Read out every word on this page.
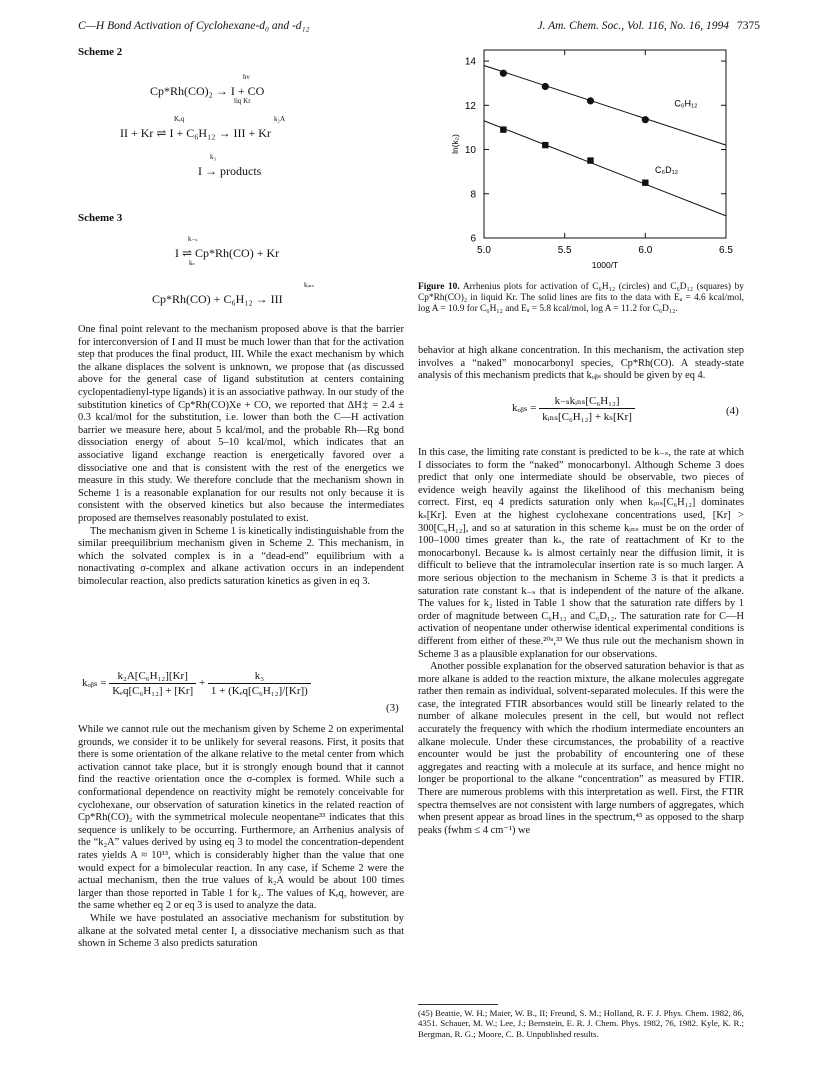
C—H Bond Activation of Cyclohexane-d₀ and -d₁₂	J. Am. Chem. Soc., Vol. 116, No. 16, 1994 7375
Scheme 2
Cp*Rh(CO)₂ → I + CO
hν
liq Kr
II + Kr ⇌ I + C₆H₁₂ → III + Kr
Kₑq	k₂A
I → products
k₃
Scheme 3
I ⇌ Cp*Rh(CO) + Kr
k₋ₛ
kₛ
Cp*Rh(CO) + C₆H₁₂ → III
kᵢₙₛ

One final point relevant to the mechanism proposed above is that the barrier for interconversion of I and II must be much lower than that for the activation step that produces the final product, III. While the exact mechanism by which the alkane displaces the solvent is unknown, we propose that (as discussed above for the general case of ligand substitution at centers containing cyclopentadienyl-type ligands) it is an associative pathway. In our study of the substitution kinetics of Cp*Rh(CO)Xe + CO, we reported that ΔH‡ = 2.4 ± 0.3 kcal/mol for the substitution, i.e. lower than both the C—H activation barrier we measure here, about 5 kcal/mol, and the probable Rh—Rg bond dissociation energy of about 5–10 kcal/mol, which indicates that an associative ligand exchange reaction is energetically favored over a dissociative one and that is consistent with the rest of the energetics we measure in this study. We therefore conclude that the mechanism shown in Scheme 1 is a reasonable explanation for our results not only because it is consistent with the observed kinetics but also because the intermediates proposed are themselves reasonably postulated to exist.

The mechanism given in Scheme 1 is kinetically indistinguishable from the similar preequilibrium mechanism given in Scheme 2. This mechanism, in which the solvated complex is in a “dead-end” equilibrium with a nonactivating σ-complex and alkane activation occurs in an independent bimolecular reaction, also predicts saturation kinetics as given in eq 3.

kₒᵦₛ = $\frac{\text{k₂A[C₆H₁₂][Kr]}}{\text{Kₑq[C₆H₁₂] + [Kr]}} + \frac{\text{k₃}}{\text{1 + (Kₑq[C₆H₁₂]/[Kr])}}$
(3)

While we cannot rule out the mechanism given by Scheme 2 on experimental grounds, we consider it to be unlikely for several reasons. First, it posits that there is some orientation of the alkane relative to the metal center from which activation cannot take place, but it is strongly enough bound that it cannot find the reactive orientation once the σ-complex is formed. While such a conformational dependence on reactivity might be remotely conceivable for cyclohexane, our observation of saturation kinetics in the related reaction of Cp*Rh(CO)₂ with the symmetrical molecule neopentane³³ indicates that this sequence is unlikely to be occurring. Furthermore, an Arrhenius analysis of the “k₂A” values derived by using eq 3 to model the concentration-dependent rates yields A ≈ 10¹³, which is considerably higher than the value that one would expect for a bimolecular reaction. In any case, if Scheme 2 were the actual mechanism, then the true values of k₂A would be about 100 times larger than those reported in Table 1 for k₂. The values of Kₑq, however, are the same whether eq 2 or eq 3 is used to analyze the data.

While we have postulated an associative mechanism for substitution by alkane at the solvated metal center I, a dissociative mechanism such as that shown in Scheme 3 also predicts saturation

5.0	5.5	6.0	6.5
6
8
10
12
14
1000/T
ln(k₂)
C₆H₁₂
C₆D₁₂
Figure 10. Arrhenius plots for activation of C₆H₁₂ (circles) and C₆D₁₂ (squares) by Cp*Rh(CO)₂ in liquid Kr. The solid lines are fits to the data with Eₐ = 4.6 kcal/mol, log A = 10.9 for C₆H₁₂ and Eₐ = 5.8 kcal/mol, log A = 11.2 for C₆D₁₂.

behavior at high alkane concentration. In this mechanism, the activation step involves a “naked” monocarbonyl species, Cp*Rh(CO). A steady-state analysis of this mechanism predicts that kₒᵦₛ should be given by eq 4.

kₒᵦₛ = $\frac{\text{k₋ₛkᵢₙₛ[C₆H₁₂]}}{\text{kᵢₙₛ[C₆H₁₂] + kₛ[Kr]}}$	(4)

In this case, the limiting rate constant is predicted to be k₋ₛ, the rate at which I dissociates to form the “naked” monocarbonyl. Although Scheme 3 does predict that only one intermediate should be observable, two pieces of evidence weigh heavily against the likelihood of this mechanism being correct. First, eq 4 predicts saturation only when kᵢₙₛ[C₆H₁₂] dominates kₛ[Kr]. Even at the highest cyclohexane concentrations used, [Kr] > 300[C₆H₁₂], and so at saturation in this scheme kᵢₙₛ must be on the order of 100–1000 times greater than kₛ, the rate of reattachment of Kr to the monocarbonyl. Because kₛ is almost certainly near the diffusion limit, it is difficult to believe that the intramolecular insertion rate is so much larger. A more serious objection to the mechanism in Scheme 3 is that it predicts a saturation rate constant k₋ₛ that is independent of the nature of the alkane. The values for k₂ listed in Table 1 show that the saturation rate differs by 1 order of magnitude between C₆H₁₂ and C₆D₁₂. The saturation rate for C—H activation of neopentane under otherwise identical experimental conditions is different from either of these.²⁰ᵃ,³³ We thus rule out the mechanism shown in Scheme 3 as a plausible explanation for our observations.

Another possible explanation for the observed saturation behavior is that as more alkane is added to the reaction mixture, the alkane molecules aggregate rather then remain as individual, solvent-separated molecules. If this were the case, the integrated FTIR absorbances would still be linearly related to the number of alkane molecules present in the cell, but would not reflect accurately the frequency with which the rhodium intermediate encounters an alkane molecule. Under these circumstances, the probability of a reactive encounter would be just the probability of encountering one of these aggregates and reacting with a molecule at its surface, and hence might no longer be proportional to the alkane “concentration” as measured by FTIR. There are numerous problems with this interpretation as well. First, the FTIR spectra themselves are not consistent with large numbers of aggregates, which when present appear as broad lines in the spectrum,⁴⁵ as opposed to the sharp peaks (fwhm ≤ 4 cm⁻¹) we

(45) Beattie, W. H.; Maier, W. B., II; Freund, S. M.; Holland, R. F. J. Phys. Chem. 1982, 86, 4351. Schauer, M. W.; Lee, J.; Bernstein, E. R. J. Chem. Phys. 1982, 76, 1982. Kyle, K. R.; Bergman, R. G.; Moore, C. B. Unpublished results.
